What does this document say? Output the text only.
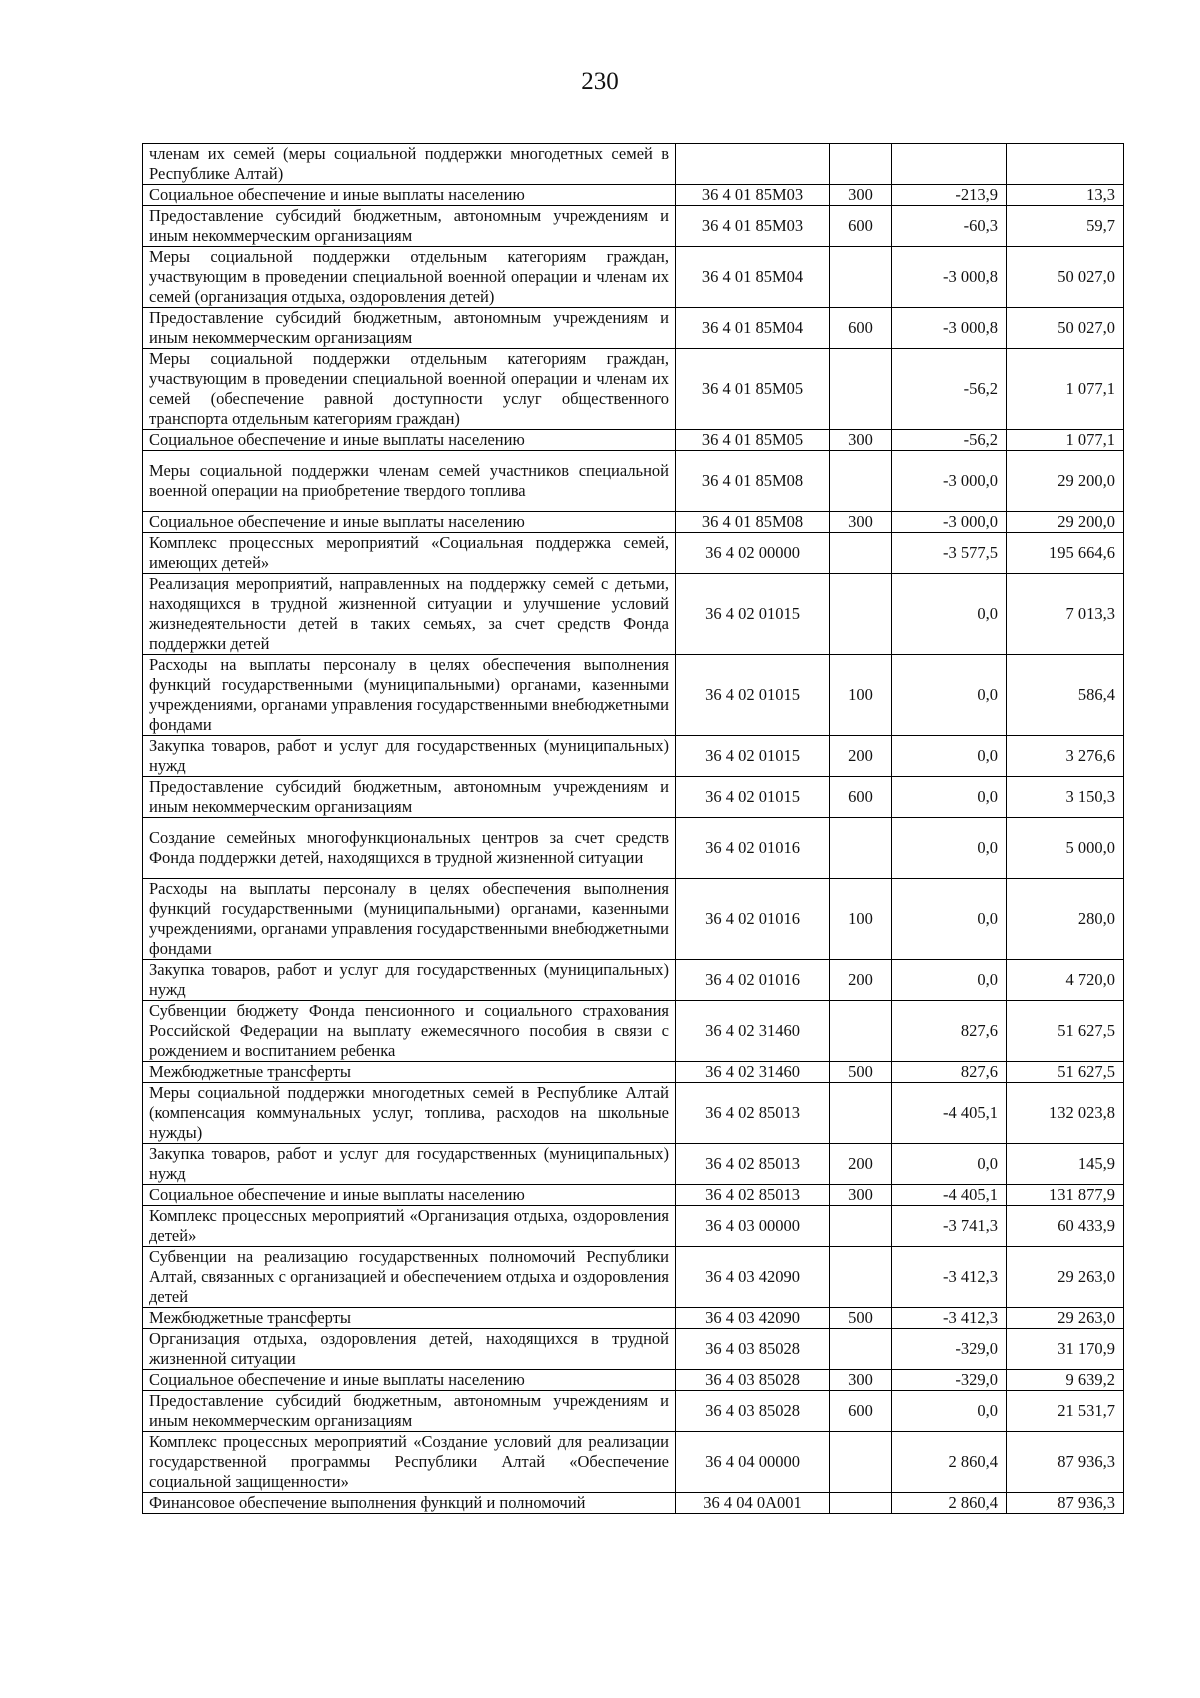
230
членам их семей (меры социальной поддержки многодетных семей в Республике Алтай)				
Социальное обеспечение и иные выплаты населению	36 4 01 85M03	300	-213,9	13,3
Предоставление субсидий бюджетным, автономным учреждениям и иным некоммерческим организациям	36 4 01 85M03	600	-60,3	59,7
Меры социальной поддержки отдельным категориям граждан, участвующим в проведении специальной военной операции и членам их семей (организация отдыха, оздоровления детей)	36 4 01 85M04		-3 000,8	50 027,0
Предоставление субсидий бюджетным, автономным учреждениям и иным некоммерческим организациям	36 4 01 85M04	600	-3 000,8	50 027,0
Меры социальной поддержки отдельным категориям граждан, участвующим в проведении специальной военной операции и членам их семей (обеспечение равной доступности услуг общественного транспорта отдельным категориям граждан)	36 4 01 85M05		-56,2	1 077,1
Социальное обеспечение и иные выплаты населению	36 4 01 85M05	300	-56,2	1 077,1
Меры социальной поддержки членам семей участников специальной военной операции на приобретение твердого топлива	36 4 01 85M08		-3 000,0	29 200,0
Социальное обеспечение и иные выплаты населению	36 4 01 85M08	300	-3 000,0	29 200,0
Комплекс процессных мероприятий «Социальная поддержка семей, имеющих детей»	36 4 02 00000		-3 577,5	195 664,6
Реализация мероприятий, направленных на поддержку семей с детьми, находящихся в трудной жизненной ситуации и улучшение условий жизнедеятельности детей в таких семьях, за счет средств Фонда поддержки детей	36 4 02 01015		0,0	7 013,3
Расходы на выплаты персоналу в целях обеспечения выполнения функций государственными (муниципальными) органами, казенными учреждениями, органами управления государственными внебюджетными фондами	36 4 02 01015	100	0,0	586,4
Закупка товаров, работ и услуг для государственных (муниципальных) нужд	36 4 02 01015	200	0,0	3 276,6
Предоставление субсидий бюджетным, автономным учреждениям и иным некоммерческим организациям	36 4 02 01015	600	0,0	3 150,3
Создание семейных многофункциональных центров за счет средств Фонда поддержки детей, находящихся в трудной жизненной ситуации	36 4 02 01016		0,0	5 000,0
Расходы на выплаты персоналу в целях обеспечения выполнения функций государственными (муниципальными) органами, казенными учреждениями, органами управления государственными внебюджетными фондами	36 4 02 01016	100	0,0	280,0
Закупка товаров, работ и услуг для государственных (муниципальных) нужд	36 4 02 01016	200	0,0	4 720,0
Субвенции бюджету Фонда пенсионного и социального страхования Российской Федерации на выплату ежемесячного пособия в связи с рождением и воспитанием ребенка	36 4 02 31460		827,6	51 627,5
Межбюджетные трансферты	36 4 02 31460	500	827,6	51 627,5
Меры социальной поддержки многодетных семей в Республике Алтай (компенсация коммунальных услуг, топлива, расходов на школьные нужды)	36 4 02 85013		-4 405,1	132 023,8
Закупка товаров, работ и услуг для государственных (муниципальных) нужд	36 4 02 85013	200	0,0	145,9
Социальное обеспечение и иные выплаты населению	36 4 02 85013	300	-4 405,1	131 877,9
Комплекс процессных мероприятий «Организация отдыха, оздоровления детей»	36 4 03 00000		-3 741,3	60 433,9
Субвенции на реализацию государственных полномочий Республики Алтай, связанных с организацией и обеспечением отдыха и оздоровления детей	36 4 03 42090		-3 412,3	29 263,0
Межбюджетные трансферты	36 4 03 42090	500	-3 412,3	29 263,0
Организация отдыха, оздоровления детей, находящихся в трудной жизненной ситуации	36 4 03 85028		-329,0	31 170,9
Социальное обеспечение и иные выплаты населению	36 4 03 85028	300	-329,0	9 639,2
Предоставление субсидий бюджетным, автономным учреждениям и иным некоммерческим организациям	36 4 03 85028	600	0,0	21 531,7
Комплекс процессных мероприятий «Создание условий для реализации государственной программы Республики Алтай «Обеспечение социальной защищенности»	36 4 04 00000		2 860,4	87 936,3
Финансовое обеспечение выполнения функций и полномочий	36 4 04 0A001		2 860,4	87 936,3
